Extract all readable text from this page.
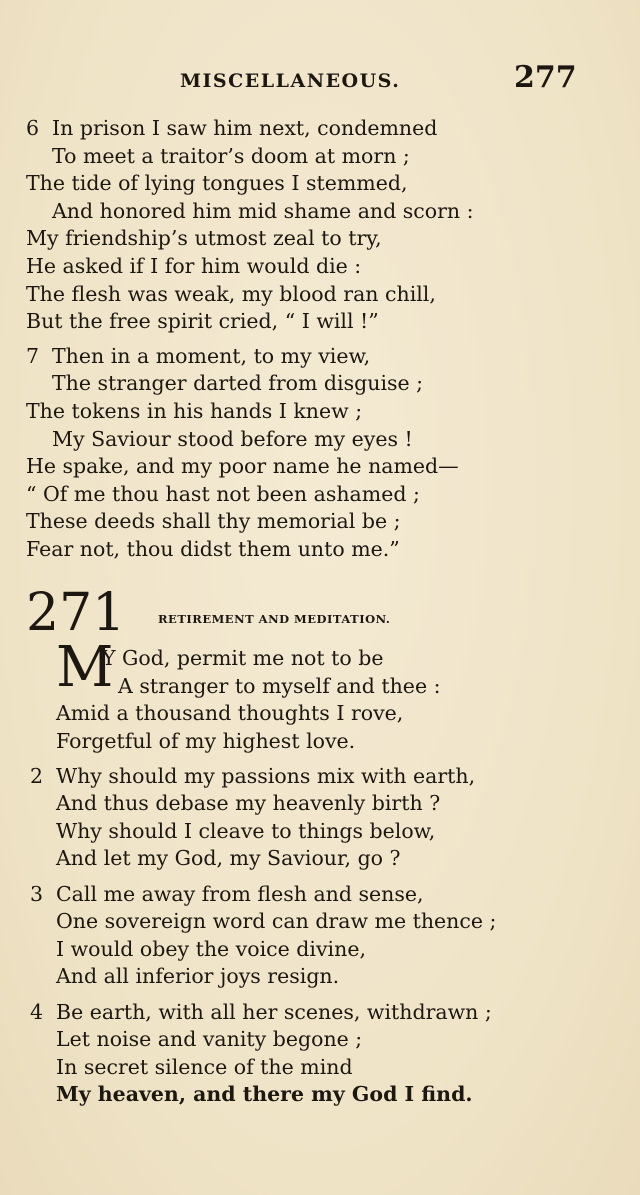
MISCELLANEOUS.	277
6 In prison I saw him next, condemned
To meet a traitor’s doom at morn ;
The tide of lying tongues I stemmed,
And honored him mid shame and scorn :
My friendship’s utmost zeal to try,
He asked if I for him would die :
The flesh was weak, my blood ran chill,
But the free spirit cried, “ I will !”
7 Then in a moment, to my view,
The stranger darted from disguise ;
The tokens in his hands I knew ;
My Saviour stood before my eyes !
He spake, and my poor name he named—
“ Of me thou hast not been ashamed ;
These deeds shall thy memorial be ;
Fear not, thou didst them unto me.”
271	RETIREMENT AND MEDITATION.
M
Y God, permit me not to be
A stranger to myself and thee :
Amid a thousand thoughts I rove,
Forgetful of my highest love.
2 Why should my passions mix with earth,
And thus debase my heavenly birth ?
Why should I cleave to things below,
And let my God, my Saviour, go ?
3 Call me away from flesh and sense,
One sovereign word can draw me thence ;
I would obey the voice divine,
And all inferior joys resign.
4 Be earth, with all her scenes, withdrawn ;
Let noise and vanity begone ;
In secret silence of the mind
My heaven, and there my God I find.
